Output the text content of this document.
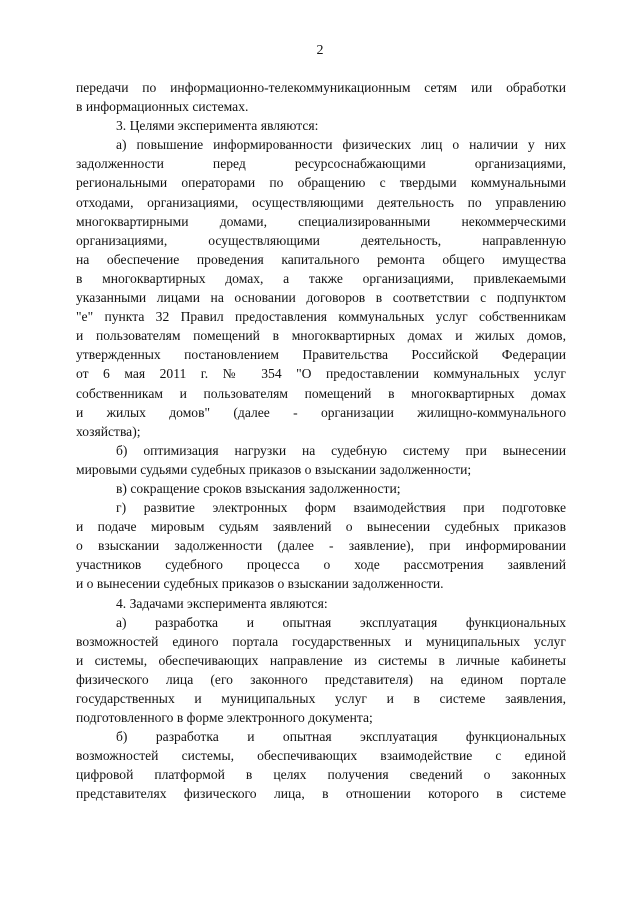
2
передачи по информационно-телекоммуникационным сетям или обработки
в информационных системах.
3. Целями эксперимента являются:
а) повышение информированности физических лиц о наличии у них
задолженности перед ресурсоснабжающими организациями,
региональными операторами по обращению с твердыми коммунальными
отходами, организациями, осуществляющими деятельность по управлению
многоквартирными домами, специализированными некоммерческими
организациями, осуществляющими деятельность, направленную
на обеспечение проведения капитального ремонта общего имущества
в многоквартирных домах, а также организациями, привлекаемыми
указанными лицами на основании договоров в соответствии с подпунктом
"е" пункта 32 Правил предоставления коммунальных услуг собственникам
и пользователям помещений в многоквартирных домах и жилых домов,
утвержденных постановлением Правительства Российской Федерации
от 6 мая 2011 г. № 354 "О предоставлении коммунальных услуг
собственникам и пользователям помещений в многоквартирных домах
и жилых домов" (далее - организации жилищно-коммунального
хозяйства);
б) оптимизация нагрузки на судебную систему при вынесении
мировыми судьями судебных приказов о взыскании задолженности;
в) сокращение сроков взыскания задолженности;
г) развитие электронных форм взаимодействия при подготовке
и подаче мировым судьям заявлений о вынесении судебных приказов
о взыскании задолженности (далее - заявление), при информировании
участников судебного процесса о ходе рассмотрения заявлений
и о вынесении судебных приказов о взыскании задолженности.
4. Задачами эксперимента являются:
а) разработка и опытная эксплуатация функциональных
возможностей единого портала государственных и муниципальных услуг
и системы, обеспечивающих направление из системы в личные кабинеты
физического лица (его законного представителя) на едином портале
государственных и муниципальных услуг и в системе заявления,
подготовленного в форме электронного документа;
б) разработка и опытная эксплуатация функциональных
возможностей системы, обеспечивающих взаимодействие с единой
цифровой платформой в целях получения сведений о законных
представителях физического лица, в отношении которого в системе
